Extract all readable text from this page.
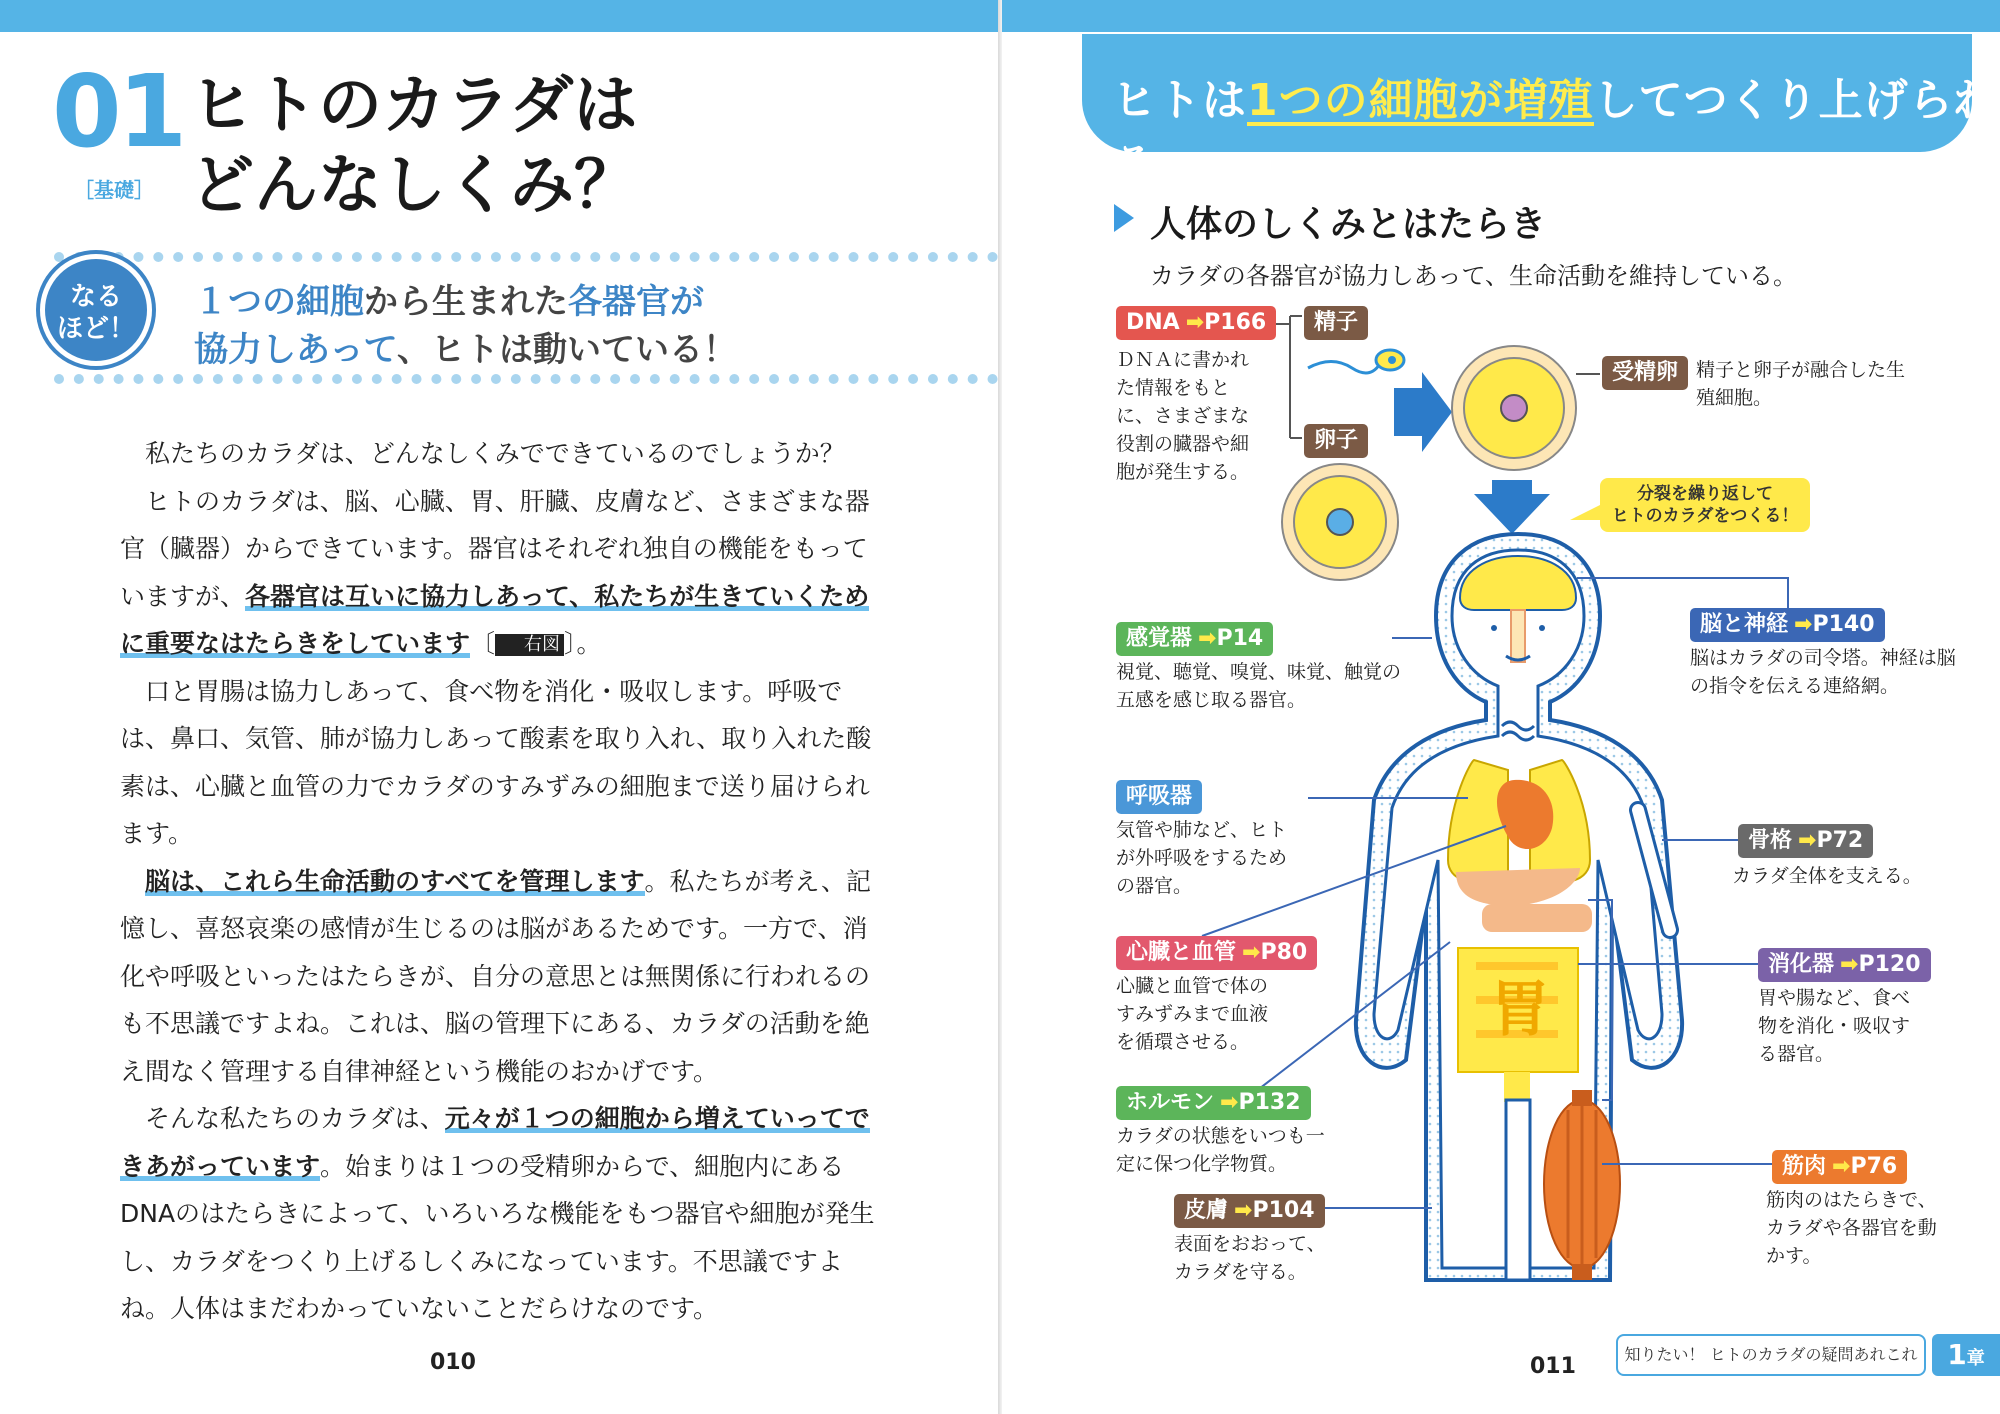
01
［基礎］
ヒトのカラダは
どんなしくみ？
なる
ほど！
１つの細胞から生まれた各器官が
協力しあって、ヒトは動いている！

私たちのカラダは、どんなしくみでできているのでしょうか？

ヒトのカラダは、脳、心臓、胃、肝臓、皮膚など、さまざまな器官（臓器）からできています。器官はそれぞれ独自の機能をもっていますが、各器官は互いに協力しあって、私たちが生きていくために重要なはたらきをしています〔 右図 〕。

口と胃腸は協力しあって、食べ物を消化・吸収します。呼吸では、鼻口、気管、肺が協力しあって酸素を取り入れ、取り入れた酸素は、心臓と血管の力でカラダのすみずみの細胞まで送り届けられます。

脳は、これら生命活動のすべてを管理します。私たちが考え、記憶し、喜怒哀楽の感情が生じるのは脳があるためです。一方で、消化や呼吸といったはたらきが、自分の意思とは無関係に行われるのも不思議ですよね。これは、脳の管理下にある、カラダの活動を絶え間なく管理する自律神経という機能のおかげです。

そんな私たちのカラダは、元々が１つの細胞から増えていってできあがっています。始まりは１つの受精卵からで、細胞内にあるDNAのはたらきによって、いろいろな機能をもつ器官や細胞が発生し、カラダをつくり上げるしくみになっています。不思議ですよね。人体はまだわかっていないことだらけなのです。

010
ヒトは1つの細胞が増殖してつくり上げられる
人体のしくみとはたらき
カラダの各器官が協力しあって、生命活動を維持している。
DNA ➡P166
ＤＮＡに書かれた情報をもとに、さまざまな役割の臓器や細胞が発生する。
精子
卵子
受精卵 精子と卵子が融合した生殖細胞。
分裂を繰り返して
ヒトのカラダをつくる！
感覚器 ➡P14
視覚、聴覚、嗅覚、味覚、触覚の五感を感じ取る器官。
脳と神経 ➡P140
脳はカラダの司令塔。神経は脳の指令を伝える連絡網。
呼吸器
気管や肺など、ヒトが外呼吸をするための器官。
骨格 ➡P72
カラダ全体を支える。
心臓と血管 ➡P80
心臓と血管で体のすみずみまで血液を循環させる。
消化器 ➡P120
胃や腸など、食べ物を消化・吸収する器官。
ホルモン ➡P132
カラダの状態をいつも一定に保つ化学物質。	筋肉 ➡P76
筋肉のはたらきで、カラダや各器官を動かす。
皮膚 ➡P104
表面をおおって、カラダを守る。
胃
011	知りたい！ ヒトのカラダの疑問あれこれ	1章
